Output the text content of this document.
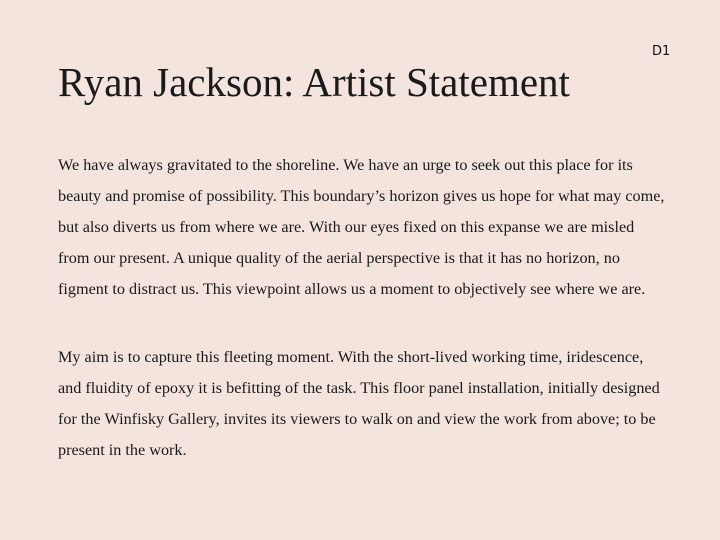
D1
Ryan Jackson: Artist Statement

We have always gravitated to the shoreline. We have an urge to seek out this place for its beauty and promise of possibility. This boundary’s horizon gives us hope for what may come, but also diverts us from where we are. With our eyes fixed on this expanse we are misled from our present. A unique quality of the aerial perspective is that it has no horizon, no figment to distract us. This viewpoint allows us a moment to objectively see where we are.

My aim is to capture this fleeting moment. With the short-lived working time, iridescence, and fluidity of epoxy it is befitting of the task. This floor panel installation, initially designed for the Winfisky Gallery, invites its viewers to walk on and view the work from above; to be present in the work.
